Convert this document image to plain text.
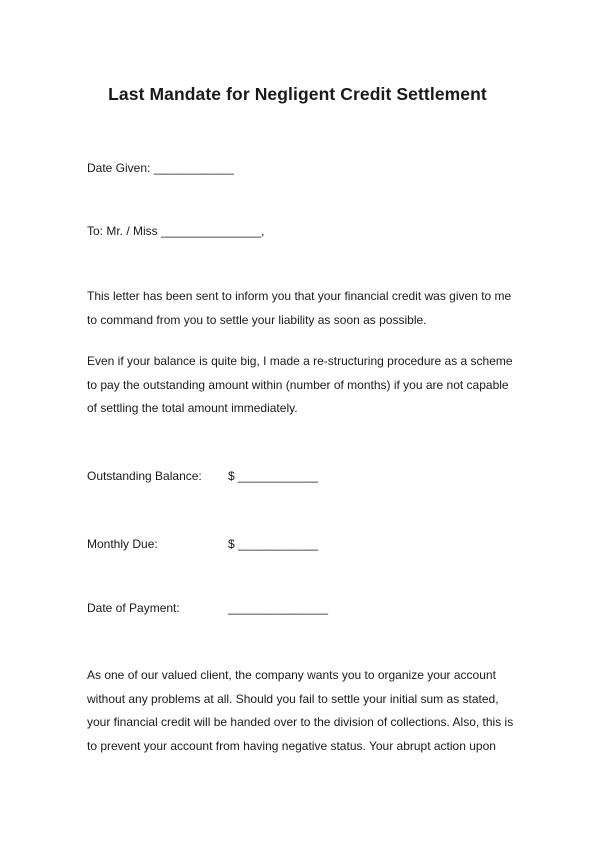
Last Mandate for Negligent Credit Settlement

Date Given: ____________

To: Mr. / Miss _______________,

This letter has been sent to inform you that your financial credit was given to me
to command from you to settle your liability as soon as possible.
Even if your balance is quite big, I made a re-structuring procedure as a scheme
to pay the outstanding amount within (number of months) if you are not capable
of settling the total amount immediately.
Outstanding Balance: $ ____________
Monthly Due:	$ ____________
Date of Payment:	_______________
As one of our valued client, the company wants you to organize your account
without any problems at all. Should you fail to settle your initial sum as stated,
your financial credit will be handed over to the division of collections. Also, this is
to prevent your account from having negative status. Your abrupt action upon
